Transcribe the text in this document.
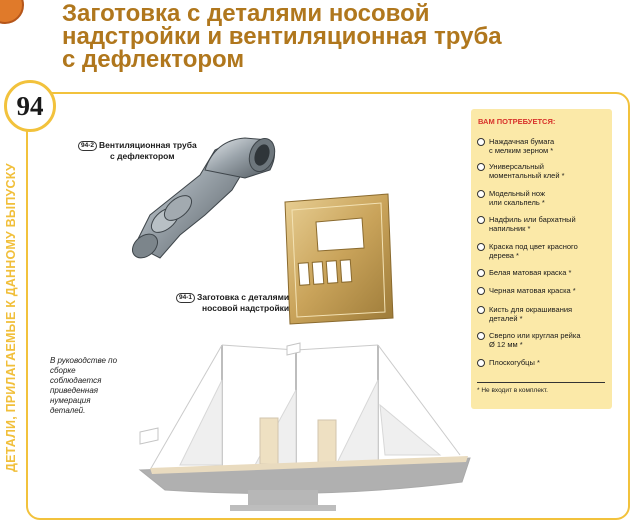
Заготовка с деталями носовой
надстройки и вентиляционная труба
с дефлектором
94
ДЕТАЛИ, ПРИЛАГАЕМЫЕ К ДАННОМУ ВЫПУСКУ
94-2 Вентиляционная труба
с дефлектором
94-1 Заготовка с деталями
носовой надстройки
В руководстве по сборке соблюдается приведенная нумерация деталей.
ВАМ ПОТРЕБУЕТСЯ:
Наждачная бумага
с мелким зерном *
Универсальный
моментальный клей *
Модельный нож
или скальпель *
Надфиль или бархатный
напильник *
Краска под цвет красного
дерева *
Белая матовая краска *
Черная матовая краска *
Кисть для окрашивания
деталей *
Сверло или круглая рейка
Ø 12 мм *
Плоскогубцы *
* Не входит в комплект.
